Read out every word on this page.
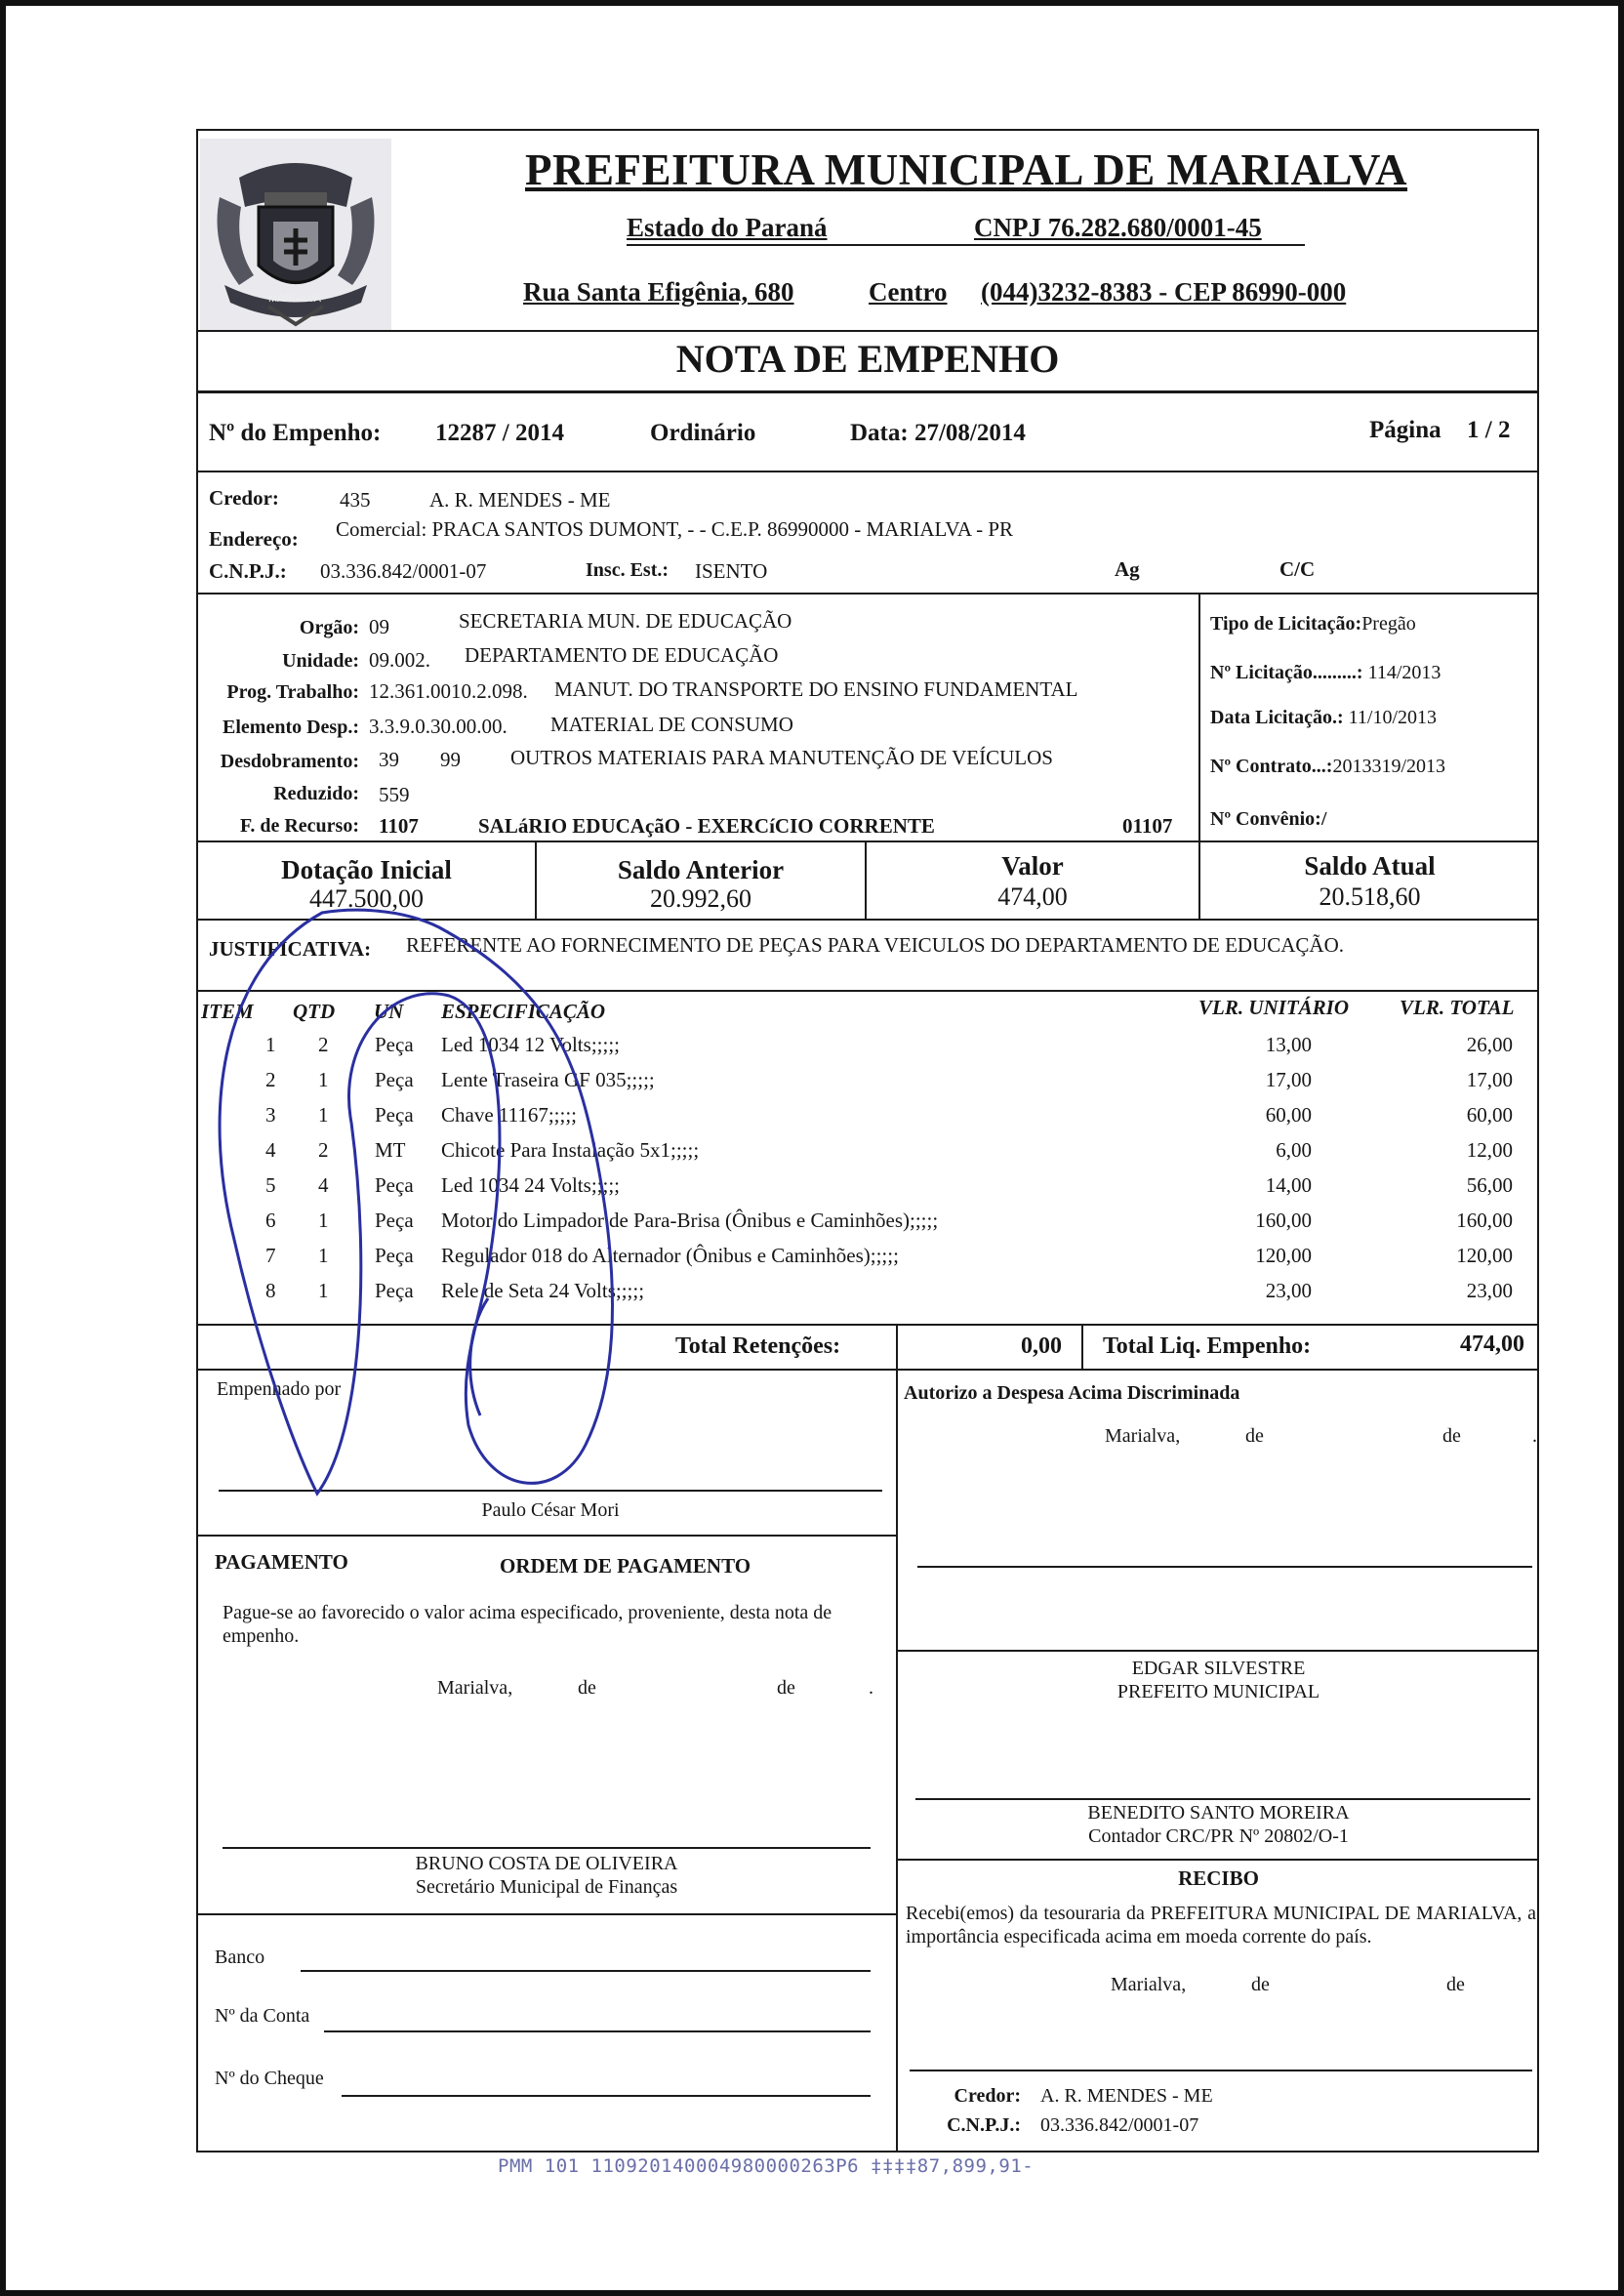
MARIALVA
PREFEITURA MUNICIPAL DE MARIALVA
Estado do Paraná	CNPJ 76.282.680/0001-45
Rua Santa Efigênia, 680	Centro (044)3232-8383 - CEP 86990-000
NOTA DE EMPENHO
Nº do Empenho: 12287 / 2014	Ordinário	Data: 27/08/2014	Página 1 / 2
Credor:	435	A. R. MENDES - ME
Endereço: Comercial: PRACA SANTOS DUMONT, - - C.E.P. 86990000 - MARIALVA - PR
C.N.P.J.: 03.336.842/0001-07	Insc. Est.: ISENTO	Ag	C/C
Orgão: 09	SECRETARIA MUN. DE EDUCAÇÃO
Unidade: 09.002. DEPARTAMENTO DE EDUCAÇÃO
Prog. Trabalho: 12.361.0010.2.098. MANUT. DO TRANSPORTE DO ENSINO FUNDAMENTAL
Elemento Desp.: 3.3.9.0.30.00.00. MATERIAL DE CONSUMO
Desdobramento: 39 99 OUTROS MATERIAIS PARA MANUTENÇÃO DE VEÍCULOS
Reduzido: 559
F. de Recurso: 1107	SALáRIO EDUCAçãO - EXERCíCIO CORRENTE	01107
Tipo de Licitação:Pregão
Nº Licitação.........: 114/2013
Data Licitação.: 11/10/2013
Nº Contrato...:2013319/2013
Nº Convênio:/
Dotação Inicial
447.500,00
Saldo Anterior
20.992,60
Valor
474,00
Saldo Atual
20.518,60
JUSTIFICATIVA: REFERENTE AO FORNECIMENTO DE PEÇAS PARA VEICULOS DO DEPARTAMENTO DE EDUCAÇÃO.
ITEM QTD UN ESPECIFICAÇÃO	VLR. UNITÁRIO VLR. TOTAL
1 2 Peça Led 1034 12 Volts;;;;;	13,00	26,00
2 1 Peça Lente Traseira GF 035;;;;;	17,00	17,00
3 1 Peça Chave 11167;;;;;	60,00	60,00
4 2 MT Chicote Para Instalação 5x1;;;;;	6,00	12,00
5 4 Peça Led 1034 24 Volts;;;;;	14,00	56,00
6 1 Peça Motor do Limpador de Para-Brisa (Ônibus e Caminhões);;;;;	160,00	160,00
7 1 Peça Regulador 018 do Alternador (Ônibus e Caminhões);;;;;	120,00	120,00
8 1 Peça Rele de Seta 24 Volts;;;;;	23,00	23,00
Total Retenções:	0,00 Total Liq. Empenho:	474,00
Empenhado por
Paulo César Mori
PAGAMENTO	ORDEM DE PAGAMENTO
Pague-se ao favorecido o valor acima especificado, proveniente, desta nota de empenho.
Marialva,	de	de	.
BRUNO COSTA DE OLIVEIRA
Secretário Municipal de Finanças
Banco
Nº da Conta
Nº do Cheque
Autorizo a Despesa Acima Discriminada
Marialva,	de	de	.
EDGAR SILVESTRE
PREFEITO MUNICIPAL
BENEDITO SANTO MOREIRA
Contador CRC/PR Nº 20802/O-1
RECIBO
Recebi(emos) da tesouraria da PREFEITURA MUNICIPAL DE MARIALVA, a importância especificada acima em moeda corrente do país.
Marialva,	de	de
Credor: A. R. MENDES - ME
C.N.P.J.: 03.336.842/0001-07
PMM 101 11092014000498000026​3P6 ‡‡‡‡87,899,91-
